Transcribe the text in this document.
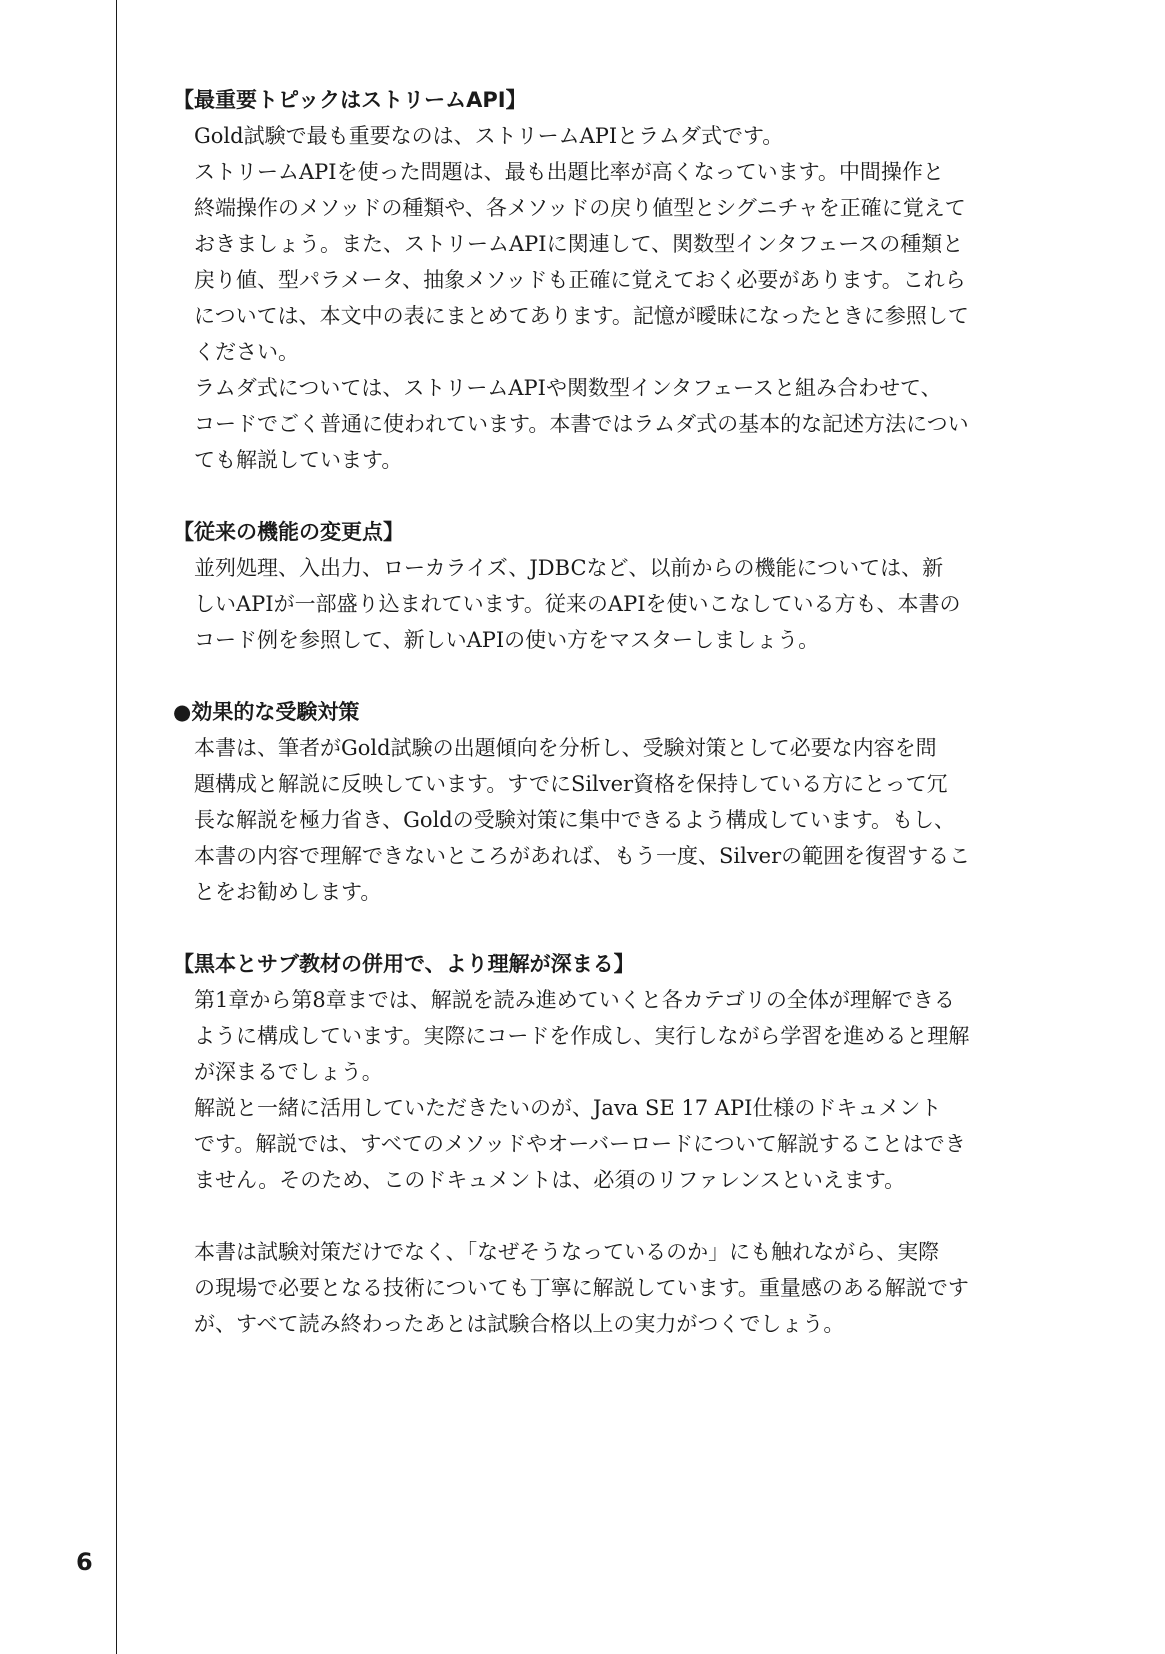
【最重要トピックはストリームAPI】
Gold試験で最も重要なのは、ストリームAPIとラムダ式です。
ストリームAPIを使った問題は、最も出題比率が高くなっています。中間操作と
終端操作のメソッドの種類や、各メソッドの戻り値型とシグニチャを正確に覚えて
おきましょう。また、ストリームAPIに関連して、関数型インタフェースの種類と
戻り値、型パラメータ、抽象メソッドも正確に覚えておく必要があります。これら
については、本文中の表にまとめてあります。記憶が曖昧になったときに参照して
ください。
ラムダ式については、ストリームAPIや関数型インタフェースと組み合わせて、
コードでごく普通に使われています。本書ではラムダ式の基本的な記述方法につい
ても解説しています。
【従来の機能の変更点】
並列処理、入出力、ローカライズ、JDBCなど、以前からの機能については、新
しいAPIが一部盛り込まれています。従来のAPIを使いこなしている方も、本書の
コード例を参照して、新しいAPIの使い方をマスターしましょう。
●効果的な受験対策
本書は、筆者がGold試験の出題傾向を分析し、受験対策として必要な内容を問
題構成と解説に反映しています。すでにSilver資格を保持している方にとって冗
長な解説を極力省き、Goldの受験対策に集中できるよう構成しています。もし、
本書の内容で理解できないところがあれば、もう一度、Silverの範囲を復習するこ
とをお勧めします。
【黒本とサブ教材の併用で、より理解が深まる】
第1章から第8章までは、解説を読み進めていくと各カテゴリの全体が理解できる
ように構成しています。実際にコードを作成し、実行しながら学習を進めると理解
が深まるでしょう。
解説と一緒に活用していただきたいのが、Java SE 17 API仕様のドキュメント
です。解説では、すべてのメソッドやオーバーロードについて解説することはでき
ません。そのため、このドキュメントは、必須のリファレンスといえます。
本書は試験対策だけでなく、「なぜそうなっているのか」にも触れながら、実際
の現場で必要となる技術についても丁寧に解説しています。重量感のある解説です
が、すべて読み終わったあとは試験合格以上の実力がつくでしょう。
6
